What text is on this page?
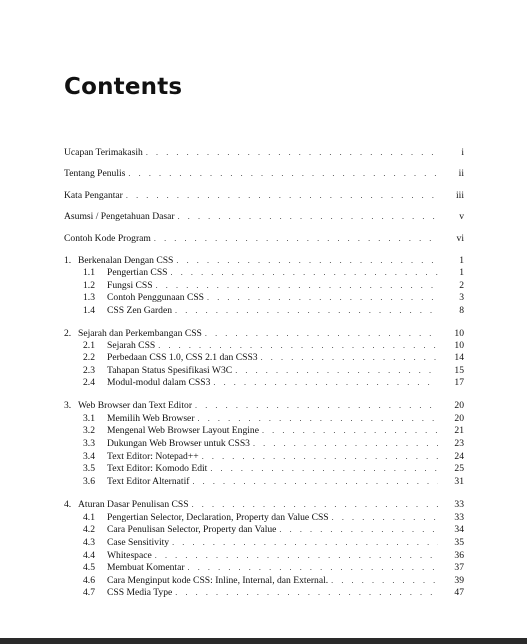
Contents
Ucapan Terimakasih . . .	i
Tentang Penulis . . .	ii
Kata Pengantar . . .	iii
Asumsi / Pengetahuan Dasar . . .	v
Contoh Kode Program . . .	vi
1. Berkenalan Dengan CSS . . .	1
1.1	Pengertian CSS . . .	1
1.2	Fungsi CSS . . .	2
1.3	Contoh Penggunaan CSS . . .	3
1.4	CSS Zen Garden . . .	8
2. Sejarah dan Perkembangan CSS . . .	10
2.1	Sejarah CSS . . .	10
2.2	Perbedaan CSS 1.0, CSS 2.1 dan CSS3 . . .	14
2.3	Tahapan Status Spesifikasi W3C . . .	15
2.4	Modul-modul dalam CSS3 . . .	17
3. Web Browser dan Text Editor . . .	20
3.1	Memilih Web Browser . . .	20
3.2	Mengenal Web Browser Layout Engine . . .	21
3.3	Dukungan Web Browser untuk CSS3 . . .	23
3.4	Text Editor: Notepad++ . . .	24
3.5	Text Editor: Komodo Edit . . .	25
3.6	Text Editor Alternatif . . .	31
4. Aturan Dasar Penulisan CSS . . .	33
4.1	Pengertian Selector, Declaration, Property dan Value CSS . . .	33
4.2	Cara Penulisan Selector, Property dan Value . . .	34
4.3	Case Sensitivity . . .	35
4.4	Whitespace . . .	36
4.5	Membuat Komentar . . .	37
4.6	Cara Menginput kode CSS: Inline, Internal, dan External. . . .	39
4.7	CSS Media Type . . .	47
